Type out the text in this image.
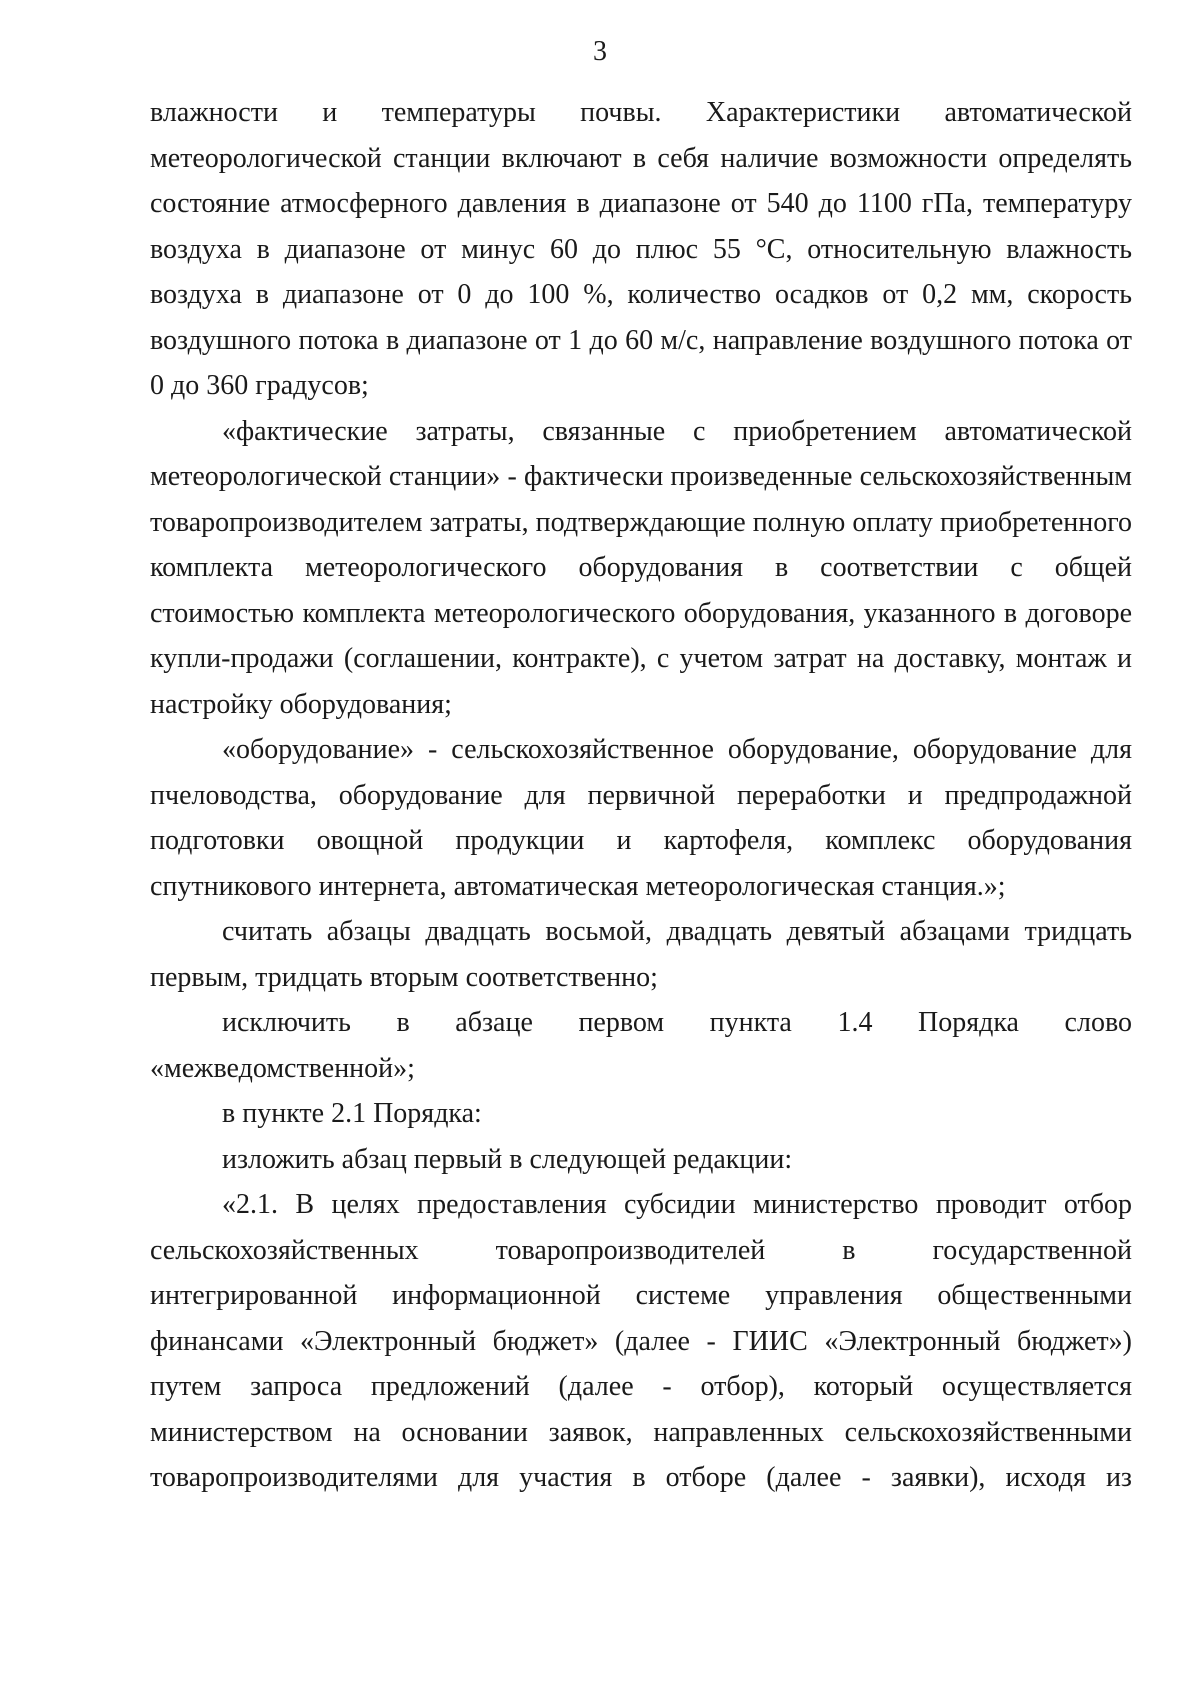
3

влажности и температуры почвы. Характеристики автоматической метеорологической станции включают в себя наличие возможности определять состояние атмосферного давления в диапазоне от 540 до 1100 гПа, температуру воздуха в диапазоне от минус 60 до плюс 55 °С, относительную влажность воздуха в диапазоне от 0 до 100 %, количество осадков от 0,2 мм, скорость воздушного потока в диапазоне от 1 до 60 м/с, направление воздушного потока от 0 до 360 градусов;

«фактические затраты, связанные с приобретением автоматической метеорологической станции» - фактически произведенные сельскохозяйственным товаропроизводителем затраты, подтверждающие полную оплату приобретенного комплекта метеорологического оборудования в соответствии с общей стоимостью комплекта метеорологического оборудования, указанного в договоре купли-продажи (соглашении, контракте), с учетом затрат на доставку, монтаж и настройку оборудования;

«оборудование» - сельскохозяйственное оборудование, оборудование для пчеловодства, оборудование для первичной переработки и предпродажной подготовки овощной продукции и картофеля, комплекс оборудования спутникового интернета, автоматическая метеорологическая станция.»;

считать абзацы двадцать восьмой, двадцать девятый абзацами тридцать первым, тридцать вторым соответственно;

исключить в абзаце первом пункта 1.4 Порядка слово «межведомственной»;

в пункте 2.1 Порядка:

изложить абзац первый в следующей редакции:

«2.1. В целях предоставления субсидии министерство проводит отбор сельскохозяйственных товаропроизводителей в государственной интегрированной информационной системе управления общественными финансами «Электронный бюджет» (далее - ГИИС «Электронный бюджет») путем запроса предложений (далее - отбор), который осуществляется министерством на основании заявок, направленных сельскохозяйственными товаропроизводителями для участия в отборе (далее - заявки), исходя из
